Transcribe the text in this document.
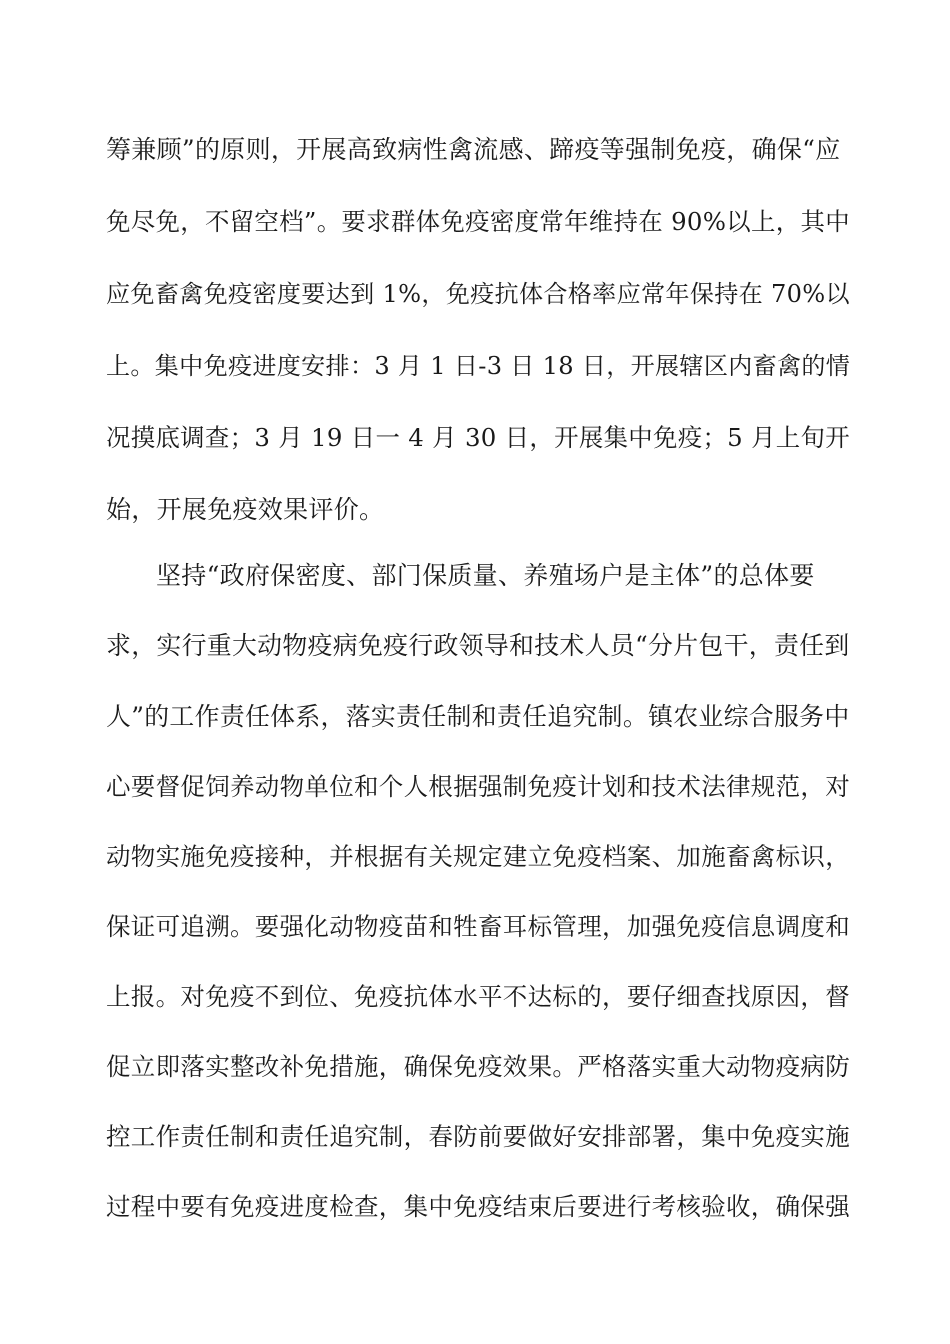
筹兼顾”的原则，开展高致病性禽流感、蹄疫等强制免疫，确保“应
免尽免，不留空档”。要求群体免疫密度常年维持在 90%以上，其中
应免畜禽免疫密度要达到 1%，免疫抗体合格率应常年保持在 70%以
上。集中免疫进度安排：3 月 1 日-3 日 18 日，开展辖区内畜禽的情
况摸底调查；3 月 19 日一 4 月 30 日，开展集中免疫；5 月上旬开
始，开展免疫效果评价。
坚持“政府保密度、部门保质量、养殖场户是主体”的总体要
求，实行重大动物疫病免疫行政领导和技术人员“分片包干，责任到
人”的工作责任体系，落实责任制和责任追究制。镇农业综合服务中
心要督促饲养动物单位和个人根据强制免疫计划和技术法律规范，对
动物实施免疫接种，并根据有关规定建立免疫档案、加施畜禽标识，
保证可追溯。要强化动物疫苗和牲畜耳标管理，加强免疫信息调度和
上报。对免疫不到位、免疫抗体水平不达标的，要仔细查找原因，督
促立即落实整改补免措施，确保免疫效果。严格落实重大动物疫病防
控工作责任制和责任追究制，春防前要做好安排部署，集中免疫实施
过程中要有免疫进度检查，集中免疫结束后要进行考核验收，确保强
